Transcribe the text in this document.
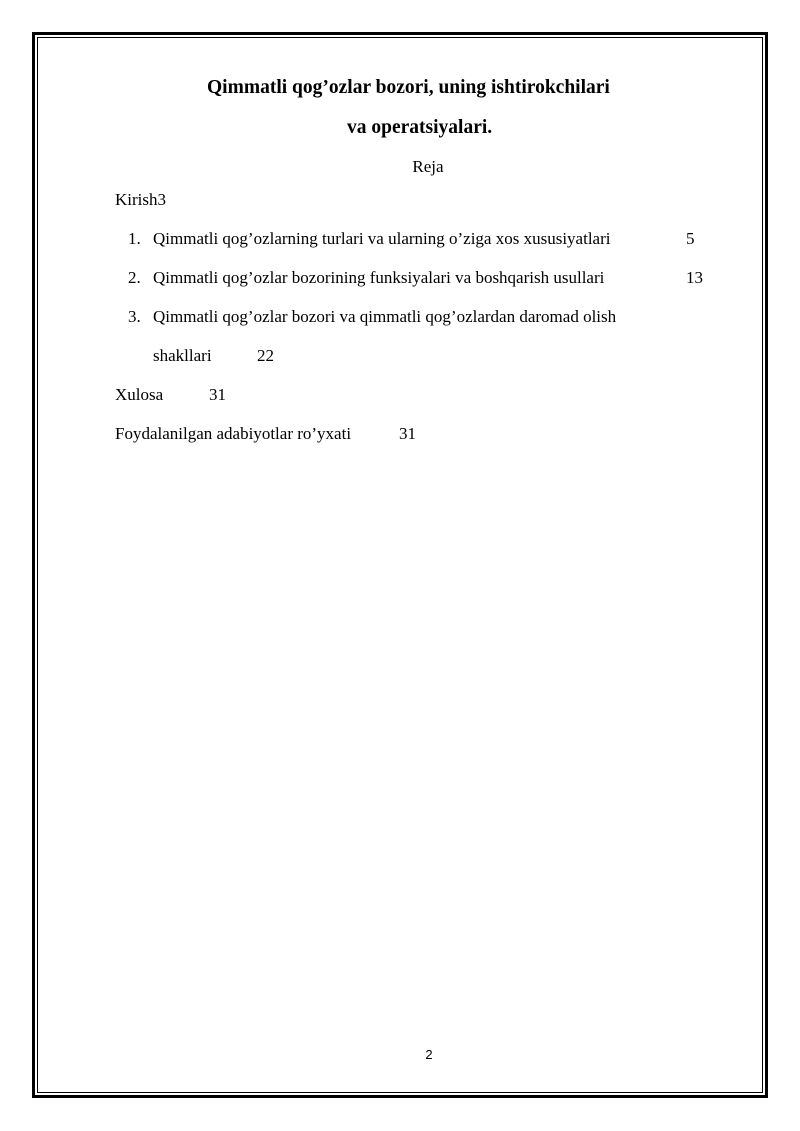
Qimmatli qog’ozlar bozori, uning ishtirokchilari
va operatsiyalari.
Reja
Kirish3
1. Qimmatli qog’ozlarning turlari va ularning o’ziga xos xususiyatlari	5
2. Qimmatli qog’ozlar bozorining funksiyalari va boshqarish usullari	13
3. Qimmatli qog’ozlar bozori va qimmatli qog’ozlardan daromad olish
shakllari	22
Xulosa	31
Foydalanilgan adabiyotlar ro’yxati	31
2
